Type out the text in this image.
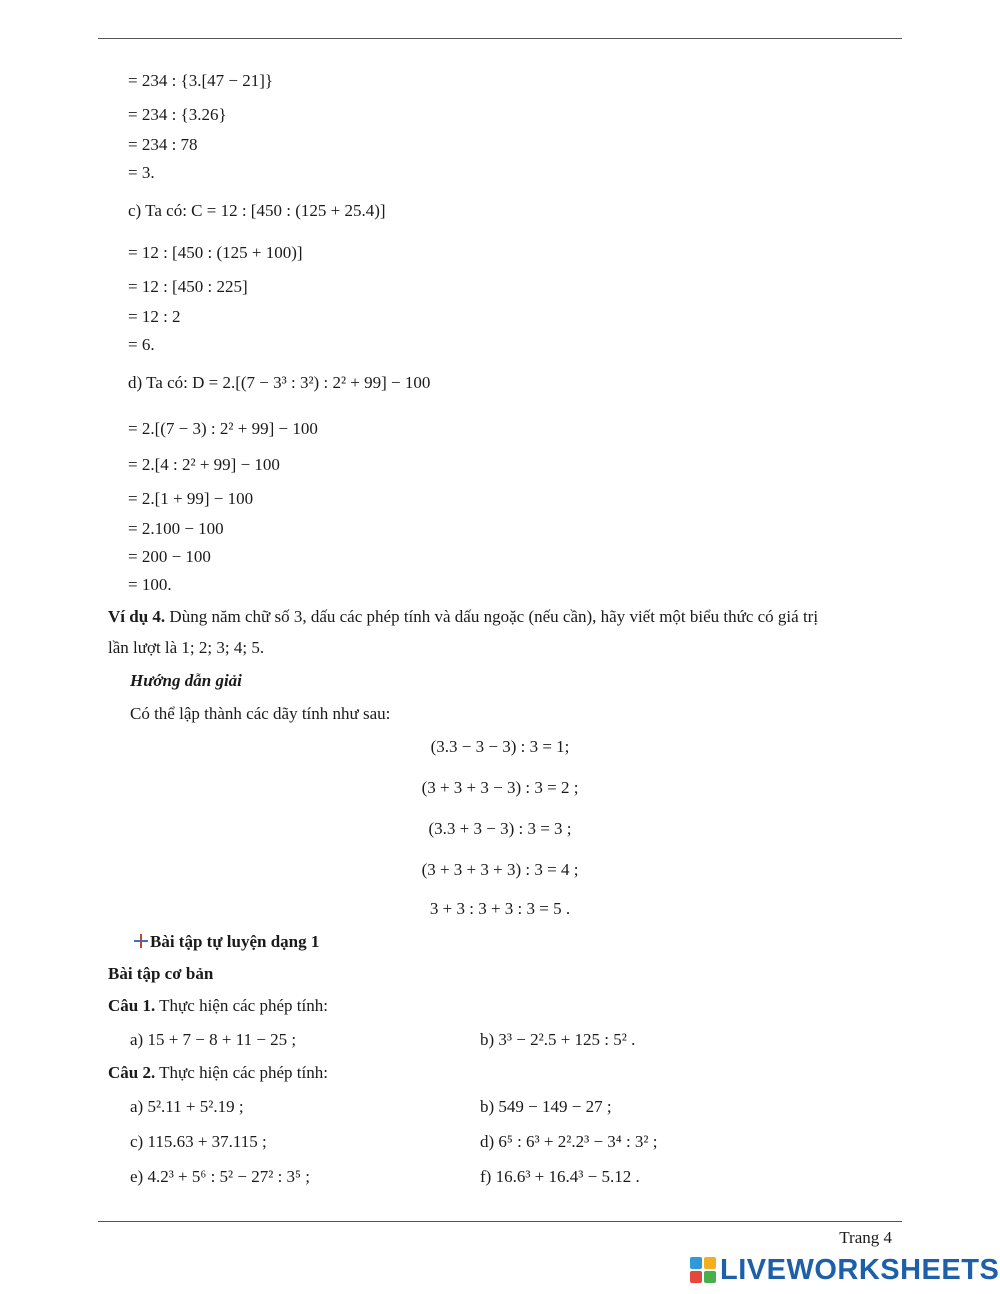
= 234 : {3.[47 − 21]}
= 234 : {3.26}
= 234 : 78
= 3.
c) Ta có: C = 12 : [450 : (125 + 25.4)]
= 12 : [450 : (125 + 100)]
= 12 : [450 : 225]
= 12 : 2
= 6.
d) Ta có: D = 2.[(7 − 3³ : 3²) : 2² + 99] − 100
= 2.[(7 − 3) : 2² + 99] − 100
= 2.[4 : 2² + 99] − 100
= 2.[1 + 99] − 100
= 2.100 − 100
= 200 − 100
= 100.
Ví dụ 4. Dùng năm chữ số 3, dấu các phép tính và dấu ngoặc (nếu cần), hãy viết một biểu thức có giá trị
lần lượt là 1; 2; 3; 4; 5.
Hướng dẫn giải
Có thể lập thành các dãy tính như sau:
(3.3 − 3 − 3) : 3 = 1;
(3 + 3 + 3 − 3) : 3 = 2 ;
(3.3 + 3 − 3) : 3 = 3 ;
(3 + 3 + 3 + 3) : 3 = 4 ;
3 + 3 : 3 + 3 : 3 = 5 .
Bài tập tự luyện dạng 1
Bài tập cơ bản
Câu 1. Thực hiện các phép tính:
a) 15 + 7 − 8 + 11 − 25 ;	b) 3³ − 2².5 + 125 : 5² .
Câu 2. Thực hiện các phép tính:
a) 5².11 + 5².19 ;	b) 549 − 149 − 27 ;
c) 115.63 + 37.115 ;	d) 6⁵ : 6³ + 2².2³ − 3⁴ : 3² ;
e) 4.2³ + 5⁶ : 5² − 27² : 3⁵ ;	f) 16.6³ + 16.4³ − 5.12 .
Trang 4
LIVEWORKSHEETS
